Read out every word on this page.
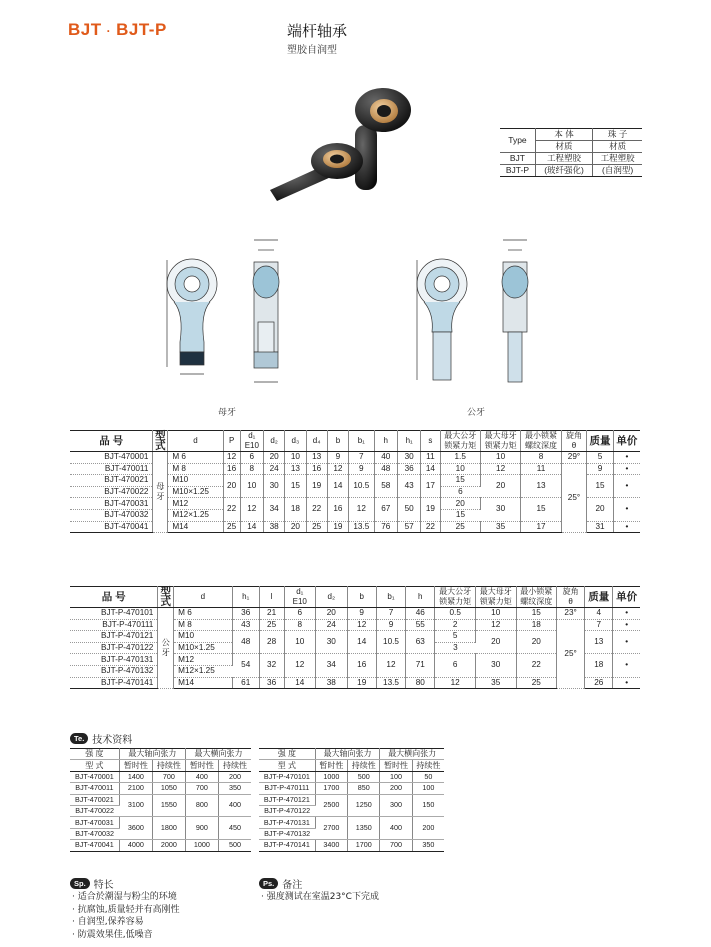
BJT · BJT-P	端杆轴承
塑胶自润型
Type	本 体	珠 子
	材质	材质
BJT	工程塑胶	工程塑胶
BJT-P	(玻纤强化)	(自润型)
母牙	公牙
品 号	型式	d	P	d₁
E10	d₂	d₃	d₄	b	b₁	h	h₁	s	最大公牙
锁紧力矩	最大母牙
锁紧力矩	最小锁紧
螺纹深度	旋角
θ	质量	单价
BJT-470001	母牙	M 6	12	6	20	10	13	9	7	40	30	11	1.5	10	8	29°	5	•
BJT-470011		M 8	16	8	24	13	16	12	9	48	36	14	10	12	11	25°	9	•
BJT-470021		M10	20	10	30	15	19	14	10.5	58	43	17	15	20	13		15	•
BJT-470022		M10×1.25											6					
BJT-470031		M12	22	12	34	18	22	16	12	67	50	19	20	30	15		20	•
BJT-470032		M12×1.25											15					
BJT-470041		M14	25	14	38	20	25	19	13.5	76	57	22	25	35	17		31	•
品 号	型式	d	h₁	l	d₁
E10	d₂	b	b₁	h	最大公牙
锁紧力矩	最大母牙
锁紧力矩	最小锁紧
螺纹深度	旋角
θ	质量	单价
BJT-P-470101	公牙	M 6	36	21	6	20	9	7	46	0.5	10	15	23°	4	•
BJT-P-470111		M 8	43	25	8	24	12	9	55	2	12	18	25°	7	•
BJT-P-470121		M10	48	28	10	30	14	10.5	63	5	20	20		13	•
BJT-P-470122		M10×1.25								3					
BJT-P-470131		M12	54	32	12	34	16	12	71	6	30	22		18	•
BJT-P-470132		M12×1.25													
BJT-P-470141		M14	61	36	14	38	19	13.5	80	12	35	25		26	•
Te. 技术资料
强 度	最大轴向张力		最大横向张力	
型 式	暂时性	持续性	暂时性	持续性
BJT-470001	1400	700	400	200
BJT-470011	2100	1050	700	350
BJT-470021	3100	1550	800	400
BJT-470022				
BJT-470031	3600	1800	900	450
BJT-470032				
BJT-470041	4000	2000	1000	500
强 度	最大轴向张力		最大横向张力	
型 式	暂时性	持续性	暂时性	持续性
BJT-P-470101	1000	500	100	50
BJT-P-470111	1700	850	200	100
BJT-P-470121	2500	1250	300	150
BJT-P-470122				
BJT-P-470131	2700	1350	400	200
BJT-P-470132				
BJT-P-470141	3400	1700	700	350
Sp. 特长
· 适合於潮湿与粉尘的环境
· 抗腐蚀,质量轻并有高刚性
· 自润型,保养容易
· 防震效果佳,低噪音
Ps. 备注
· 强度测试在室温23°C下完成
